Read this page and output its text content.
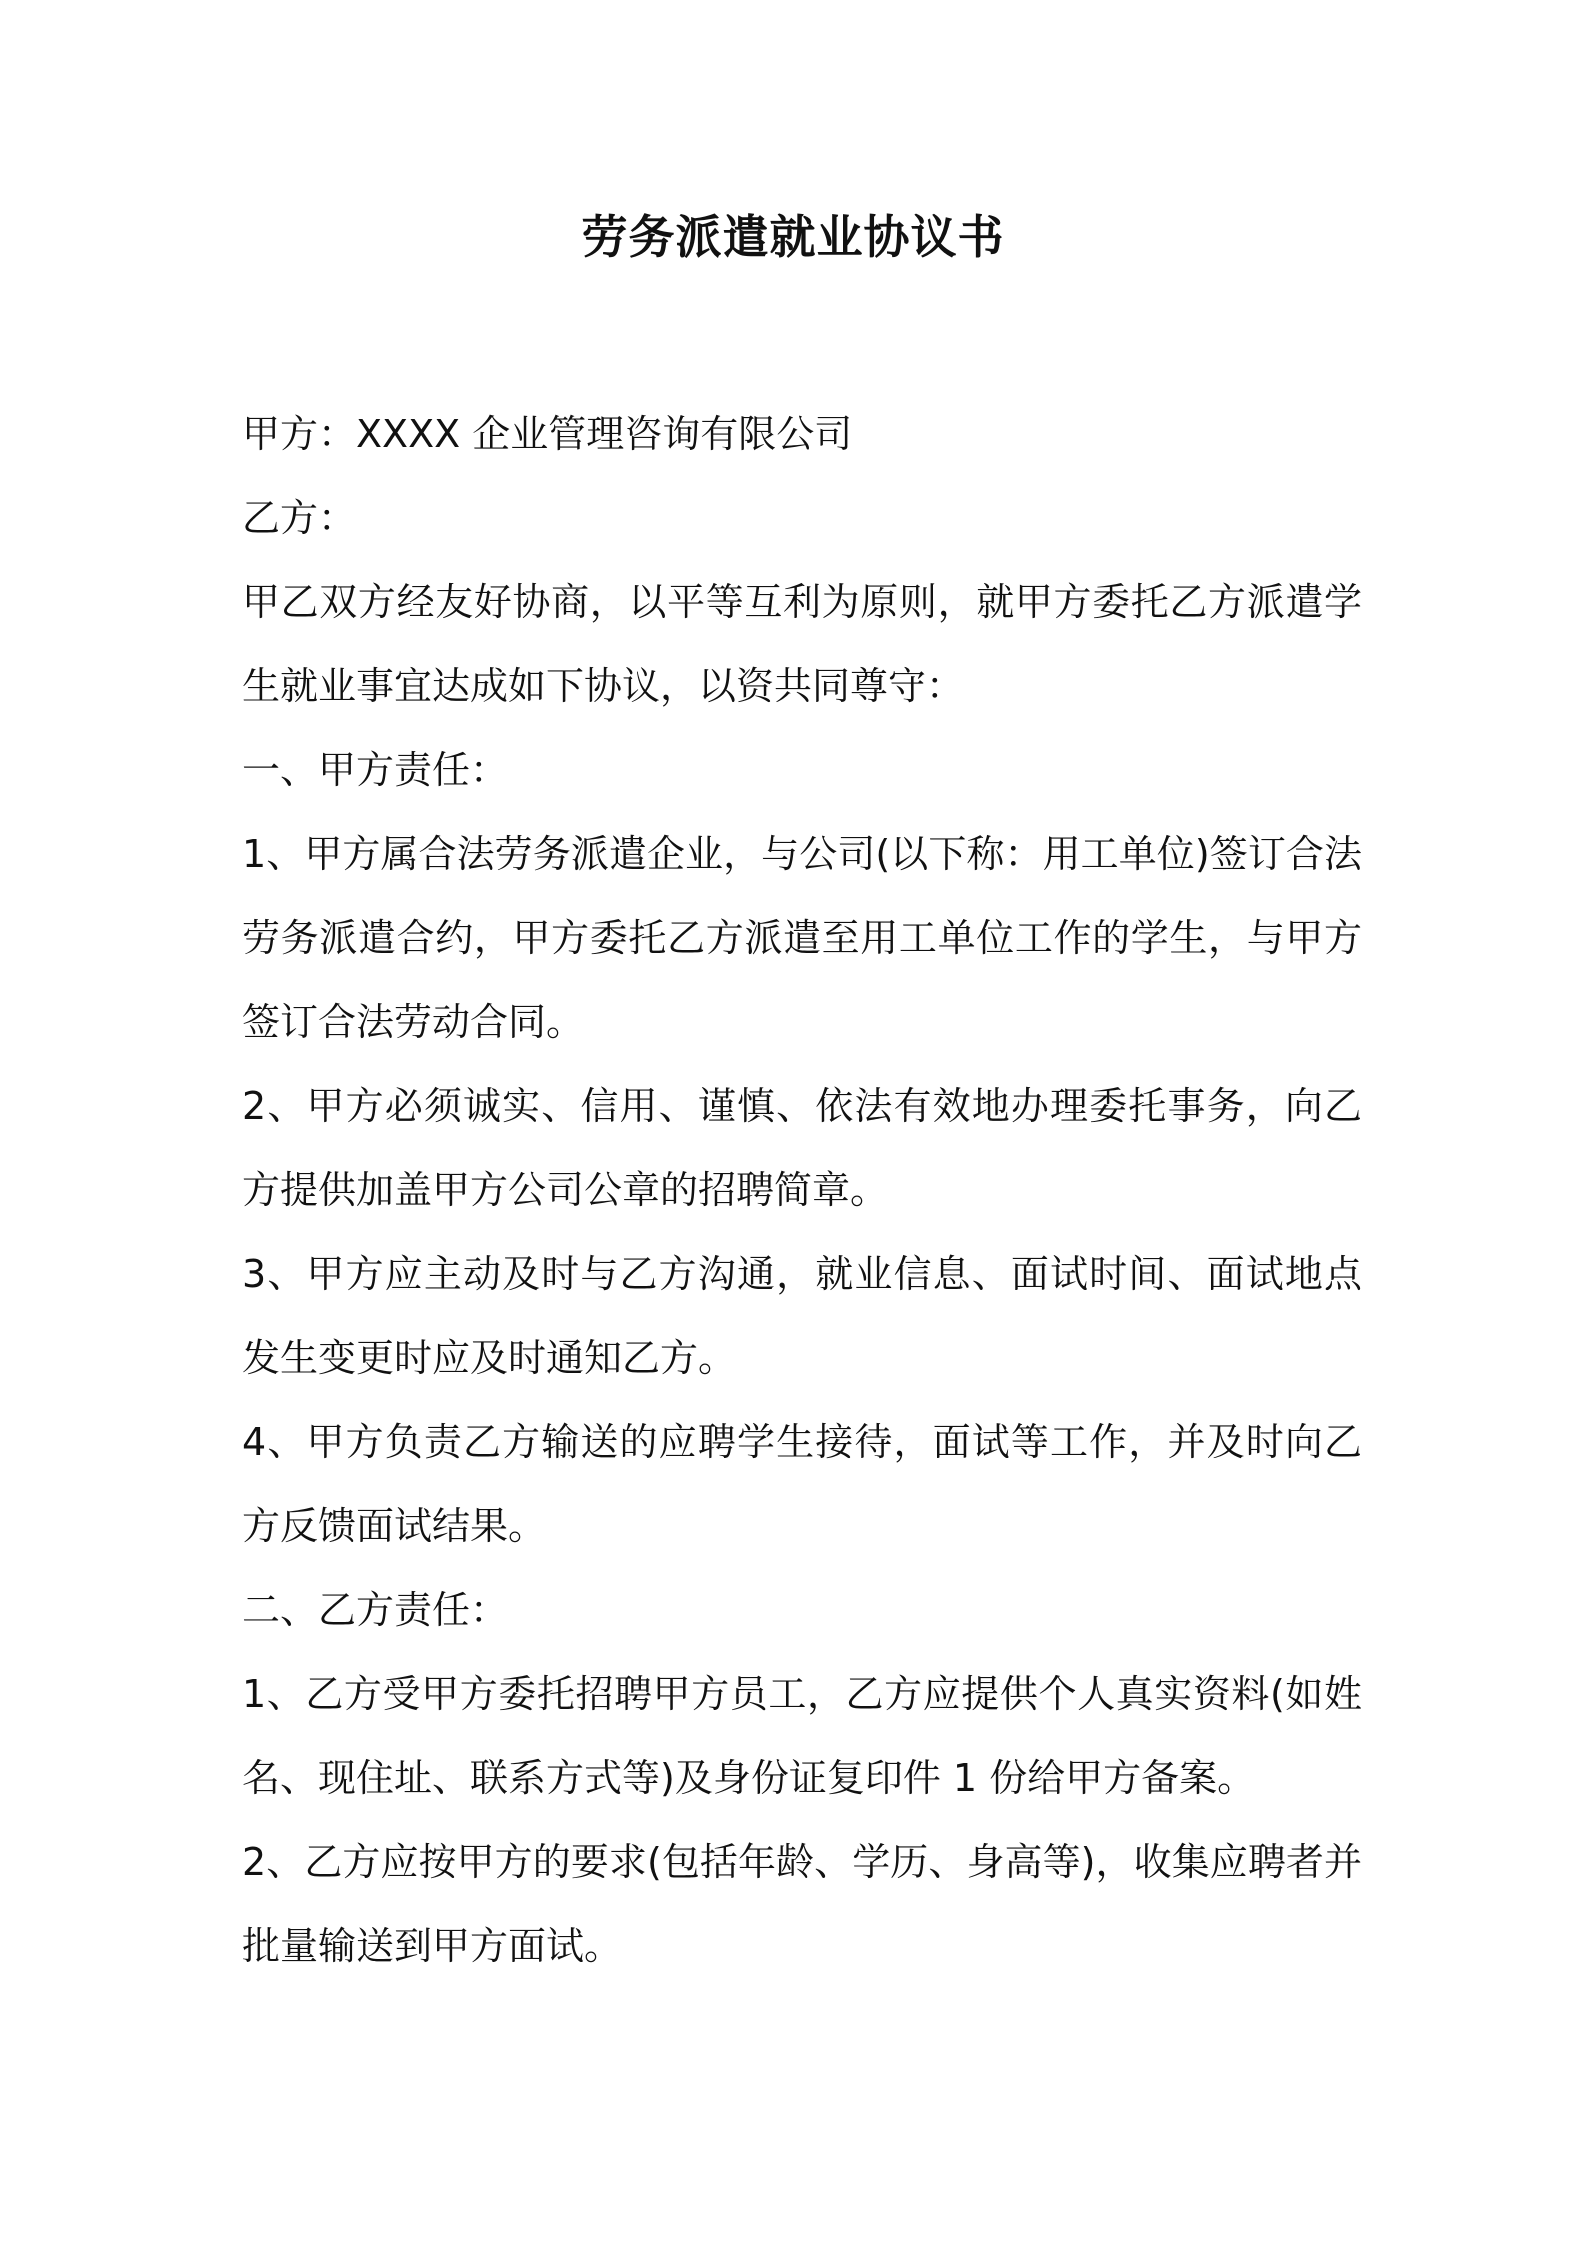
劳务派遣就业协议书

甲方：XXXX 企业管理咨询有限公司

乙方：

甲乙双方经友好协商，以平等互利为原则，就甲方委托乙方派遣学生就业事宜达成如下协议，以资共同尊守：

一、甲方责任：

1、甲方属合法劳务派遣企业，与公司(以下称：用工单位)签订合法劳务派遣合约，甲方委托乙方派遣至用工单位工作的学生，与甲方签订合法劳动合同。

2、甲方必须诚实、信用、谨慎、依法有效地办理委托事务，向乙方提供加盖甲方公司公章的招聘简章。

3、甲方应主动及时与乙方沟通，就业信息、面试时间、面试地点发生变更时应及时通知乙方。

4、甲方负责乙方输送的应聘学生接待，面试等工作，并及时向乙方反馈面试结果。

二、乙方责任：

1、乙方受甲方委托招聘甲方员工，乙方应提供个人真实资料(如姓名、现住址、联系方式等)及身份证复印件 1 份给甲方备案。

2、乙方应按甲方的要求(包括年龄、学历、身高等)，收集应聘者并批量输送到甲方面试。
